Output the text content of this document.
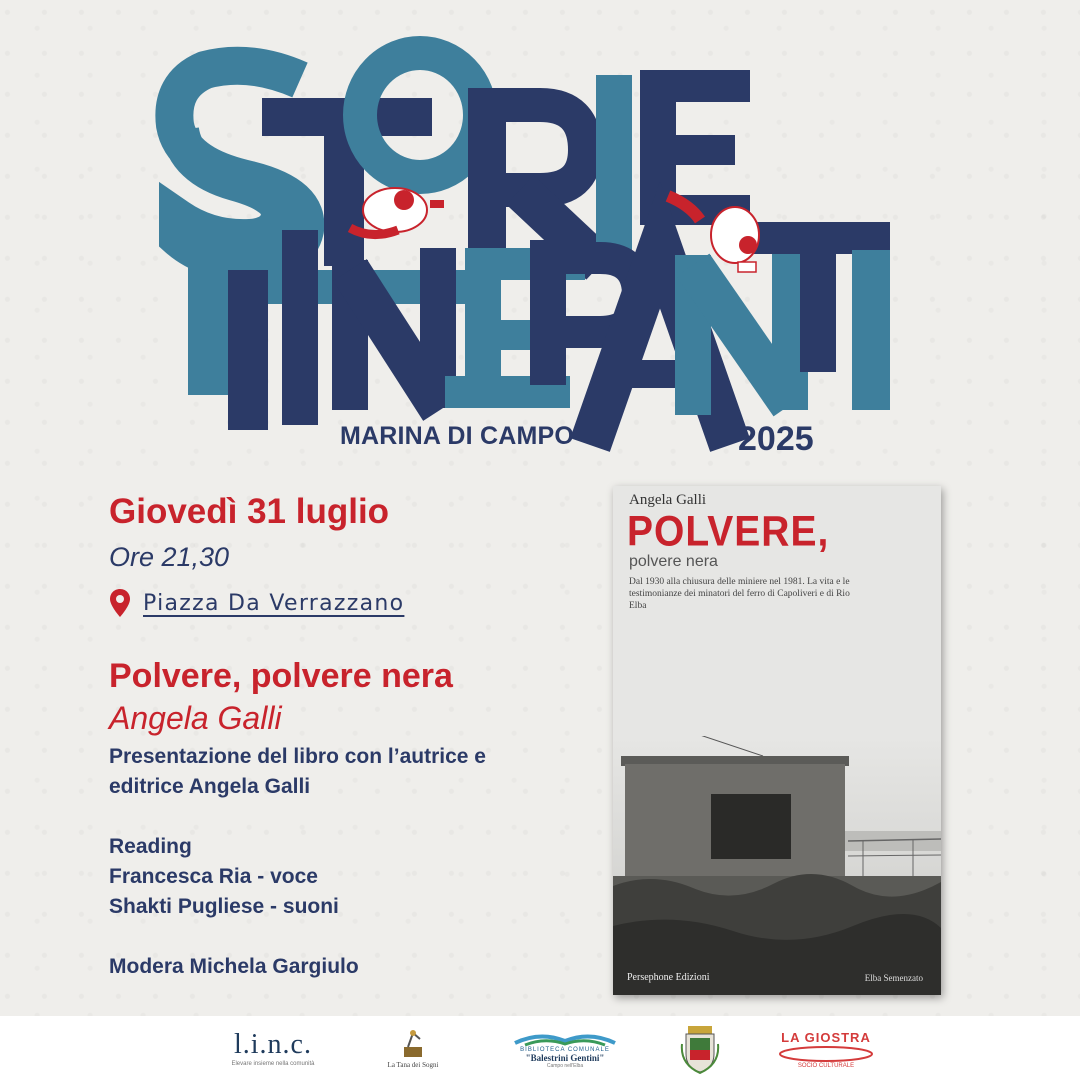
MARINA DI CAMPO	2025
Giovedì 31 luglio
Ore 21,30
Piazza Da Verrazzano
Polvere, polvere nera
Angela Galli
Presentazione del libro con l’autrice e editrice Angela Galli
Reading
Francesca Ria - voce
Shakti Pugliese - suoni
Modera Michela Gargiulo
Angela Galli
POLVERE,
polvere nera
Dal 1930 alla chiusura delle miniere nel 1981. La vita e le testimonianze dei minatori del ferro di Capoliveri e di Rio Elba
Persephone Edizioni	Elba Semenzato
l.i.n.c.
Elevare insieme nella comunità	La Tana dei Sogni
BIBLIOTECA COMUNALE
"Balestrini Gentini"
Campo nell'Elba
LA GIOSTRA
SOCIO CULTURALE
